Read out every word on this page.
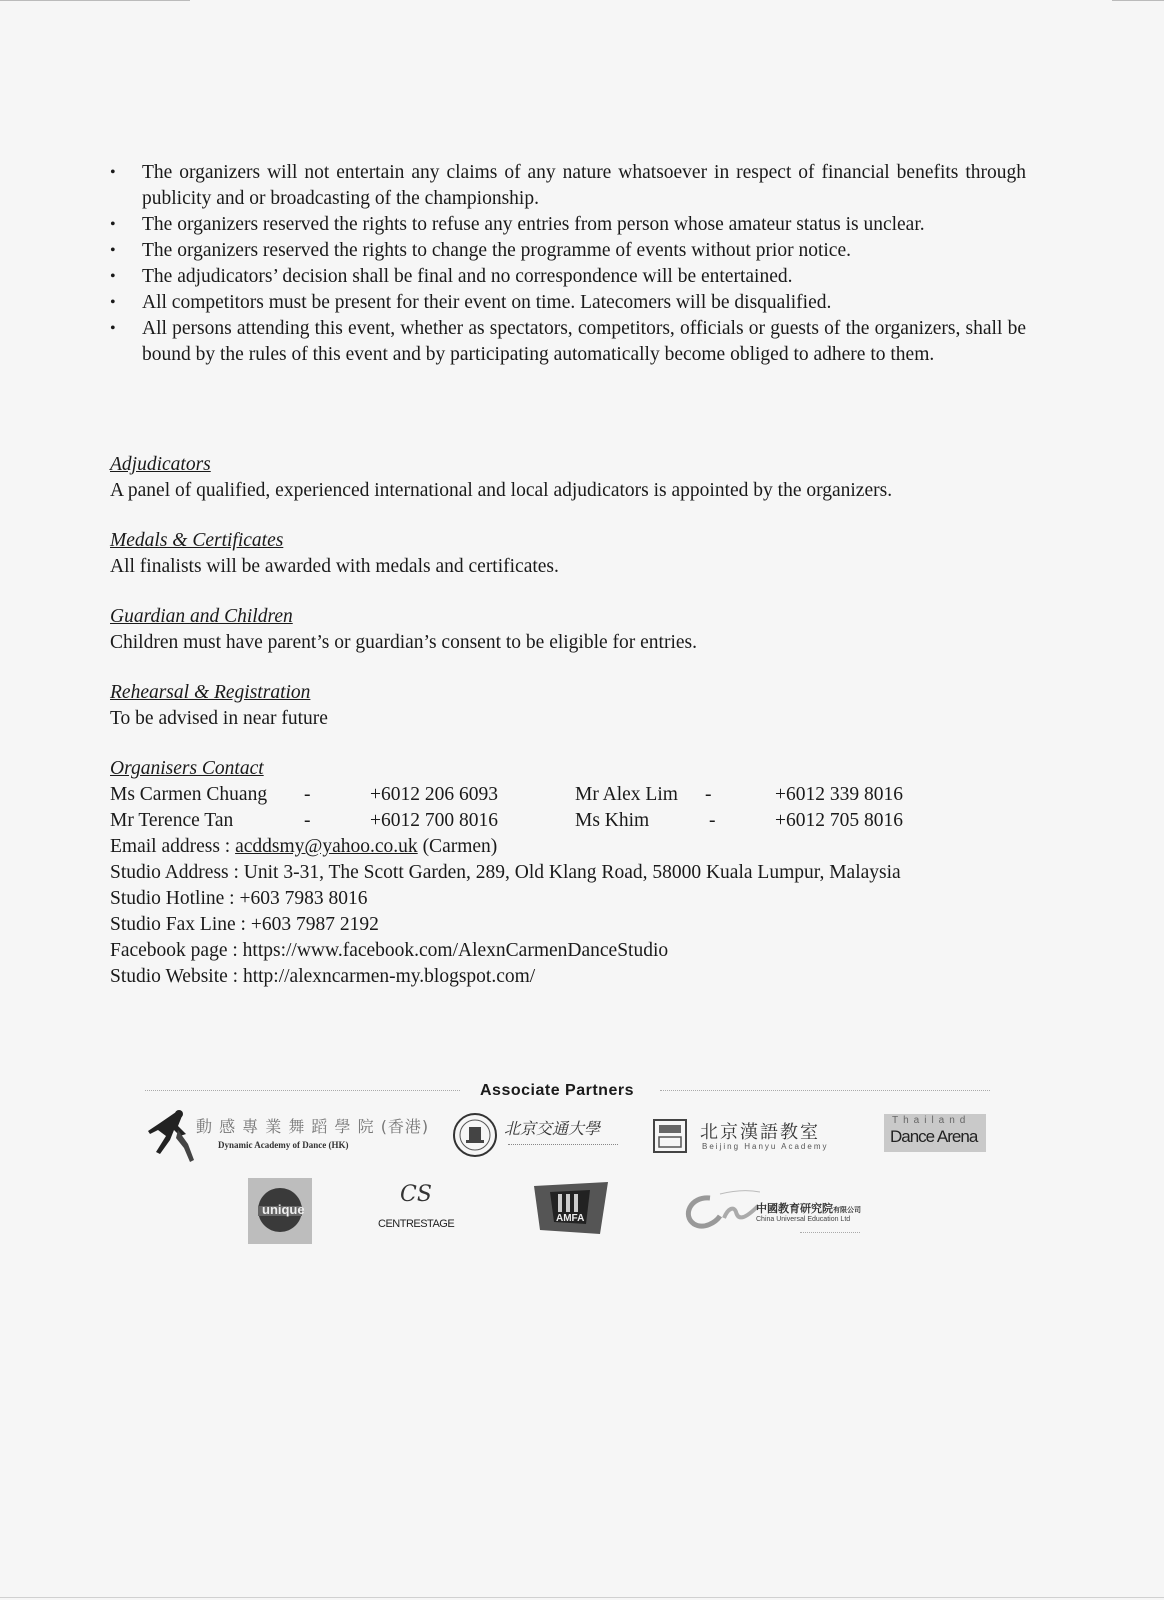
•	The organizers will not entertain any claims of any nature whatsoever in respect of financial benefits through publicity and or broadcasting of the championship.
•	The organizers reserved the rights to refuse any entries from person whose amateur status is unclear.
•	The organizers reserved the rights to change the programme of events without prior notice.
•	The adjudicators’ decision shall be final and no correspondence will be entertained.
•	All competitors must be present for their event on time. Latecomers will be disqualified.
•	All persons attending this event, whether as spectators, competitors, officials or guests of the organizers, shall be bound by the rules of this event and by participating automatically become obliged to adhere to them.
Adjudicators
A panel of qualified, experienced international and local adjudicators is appointed by the organizers.
Medals & Certificates
All finalists will be awarded with medals and certificates.
Guardian and Children
Children must have parent’s or guardian’s consent to be eligible for entries.
Rehearsal & Registration
To be advised in near future
Organisers Contact
Ms Carmen Chuang -	+6012 206 6093	Mr Alex Lim -	+6012 339 8016
Mr Terence Tan	-	+6012 700 8016	Ms Khim	-	+6012 705 8016
Email address : acddsmy@yahoo.co.uk (Carmen)
Studio Address : Unit 3-31, The Scott Garden, 289, Old Klang Road, 58000 Kuala Lumpur, Malaysia
Studio Hotline : +603 7983 8016
Studio Fax Line : +603 7987 2192
Facebook page : https://www.facebook.com/AlexnCarmenDanceStudio
Studio Website : http://alexncarmen-my.blogspot.com/
Associate Partners
動 感 專 業 舞 蹈 學 院 (香港)
Dynamic Academy of Dance (HK)
北京交通大學	北京漢語教室
Beijing Hanyu Academy
Thailand
Dance Arena
unique
CS
CENTRESTAGE	AMFA
中國教育研究院有限公司
China Universal Education Ltd
